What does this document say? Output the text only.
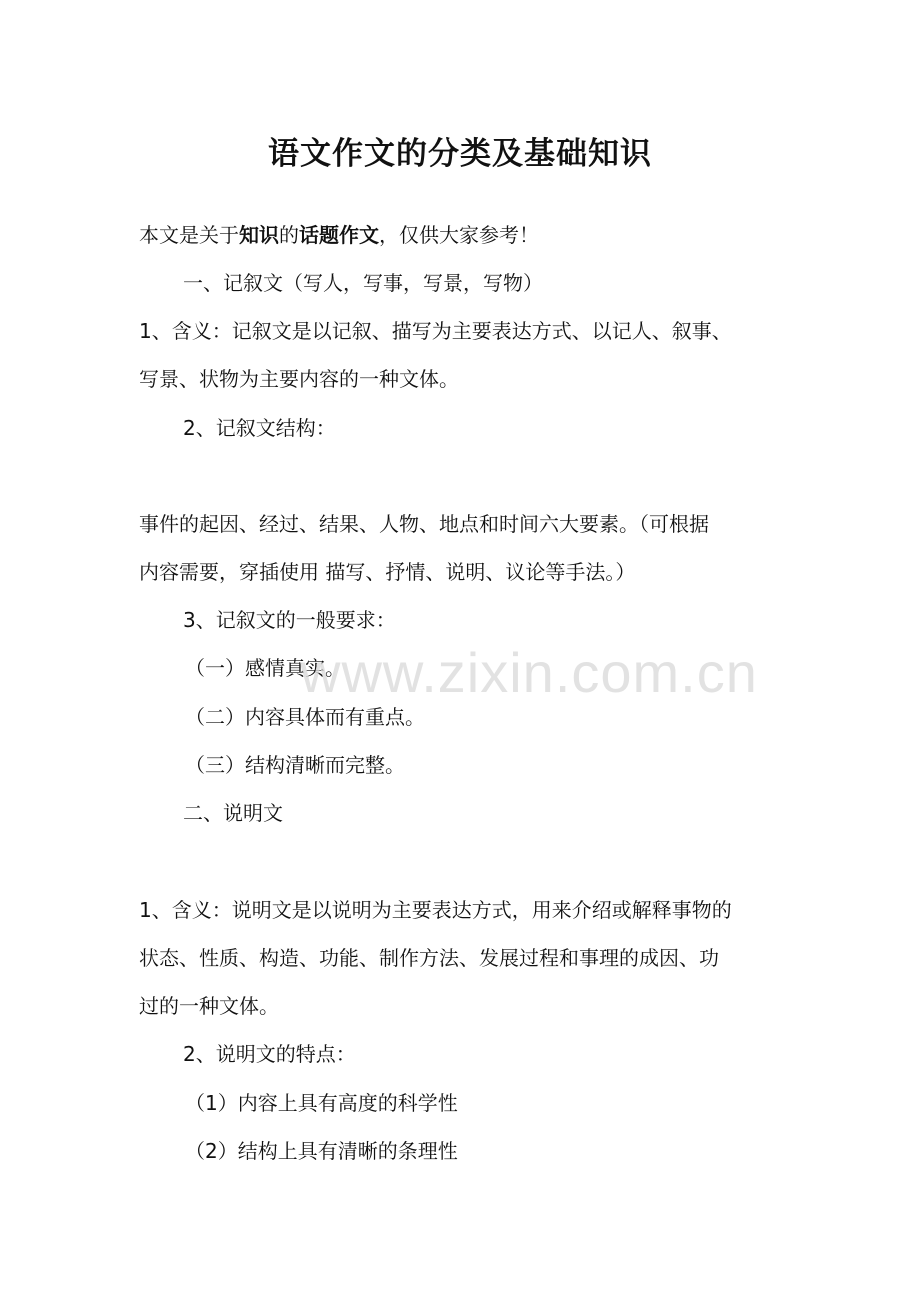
语文作文的分类及基础知识

本文是关于知识的话题作文，仅供大家参考！

一、记叙文（写人，写事，写景，写物）

1、含义：记叙文是以记叙、描写为主要表达方式、以记人、叙事、

写景、状物为主要内容的一种文体。

2、记叙文结构：

事件的起因、经过、结果、人物、地点和时间六大要素。（可根据

内容需要，穿插使用 描写、抒情、说明、议论等手法。）

3、记叙文的一般要求：

（一）感情真实。

（二）内容具体而有重点。

（三）结构清晰而完整。

二、说明文

1、含义：说明文是以说明为主要表达方式，用来介绍或解释事物的

状态、性质、构造、功能、制作方法、发展过程和事理的成因、功

过的一种文体。

2、说明文的特点：

（1）内容上具有高度的科学性

（2）结构上具有清晰的条理性

www.zixin.com.cn
